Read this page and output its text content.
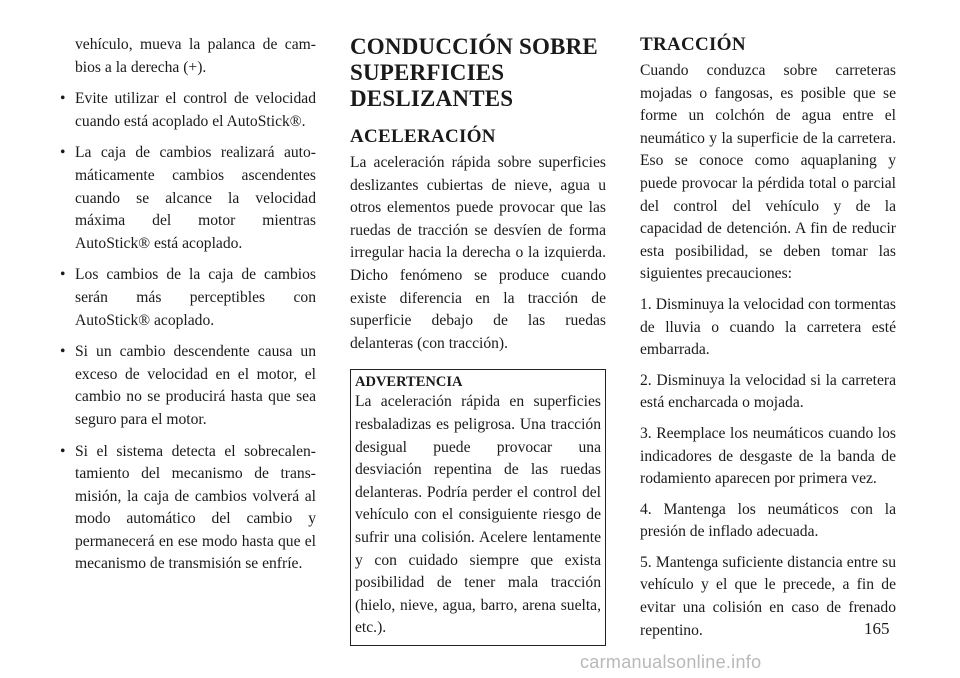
vehículo, mueva la palanca de cambios a la derecha (+).

• Evite utilizar el control de velocidad cuando está acoplado el AutoStick®.
• La caja de cambios realizará automáticamente cambios ascendentes cuando se alcance la velocidad máxima del motor mientras AutoStick® está acoplado.
• Los cambios de la caja de cambios serán más perceptibles con AutoStick® acoplado.
• Si un cambio descendente causa un exceso de velocidad en el motor, el cambio no se producirá hasta que sea seguro para el motor.
• Si el sistema detecta el sobrecalentamiento del mecanismo de transmisión, la caja de cambios volverá al modo automático del cambio y permanecerá en ese modo hasta que el mecanismo de transmisión se enfríe.
CONDUCCIÓN SOBRE SUPERFICIES DESLIZANTES
ACELERACIÓN

La aceleración rápida sobre superficies deslizantes cubiertas de nieve, agua u otros elementos puede provocar que las ruedas de tracción se desvíen de forma irregular hacia la derecha o la izquierda. Dicho fenómeno se produce cuando existe diferencia en la tracción de superficie debajo de las ruedas delanteras (con tracción).

ADVERTENCIA
La aceleración rápida en superficies resbaladizas es peligrosa. Una tracción desigual puede provocar una desviación repentina de las ruedas delanteras. Podría perder el control del vehículo con el consiguiente riesgo de sufrir una colisión. Acelere lentamente y con cuidado siempre que exista posibilidad de tener mala tracción (hielo, nieve, agua, barro, arena suelta, etc.).
TRACCIÓN

Cuando conduzca sobre carreteras mojadas o fangosas, es posible que se forme un colchón de agua entre el neumático y la superficie de la carretera. Eso se conoce como aquaplaning y puede provocar la pérdida total o parcial del control del vehículo y de la capacidad de detención. A fin de reducir esta posibilidad, se deben tomar las siguientes precauciones:

1. Disminuya la velocidad con tormentas de lluvia o cuando la carretera esté embarrada.
2. Disminuya la velocidad si la carretera está encharcada o mojada.
3. Reemplace los neumáticos cuando los indicadores de desgaste de la banda de rodamiento aparecen por primera vez.
4. Mantenga los neumáticos con la presión de inflado adecuada.
5. Mantenga suficiente distancia entre su vehículo y el que le precede, a fin de evitar una colisión en caso de frenado repentino.	165
carmanualsonline.info
